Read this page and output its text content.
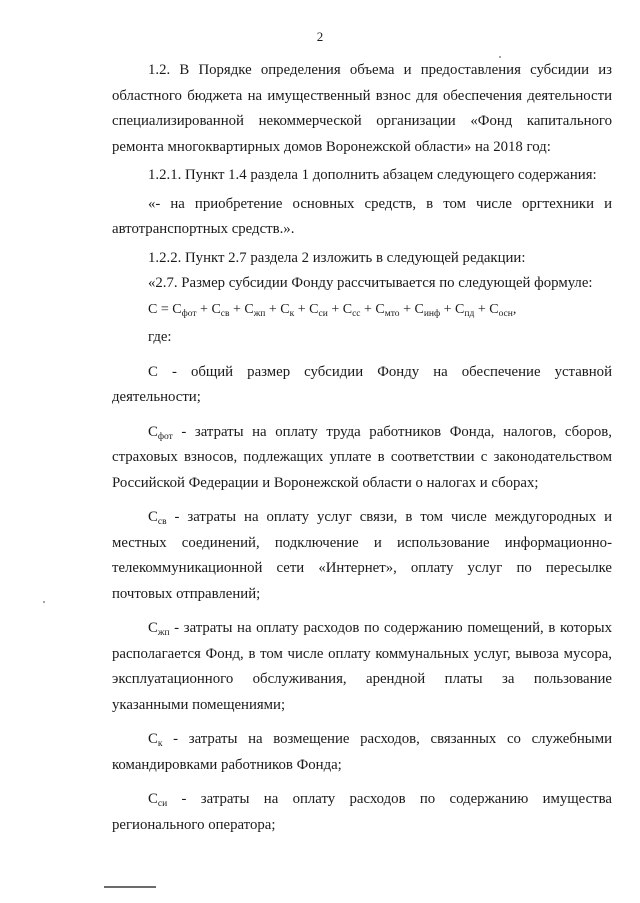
2

1.2. В Порядке определения объема и предоставления субсидии из областного бюджета на имущественный взнос для обеспечения деятельности специализированной некоммерческой организации «Фонд капитального ремонта многоквартирных домов Воронежской области» на 2018 год:

1.2.1. Пункт 1.4 раздела 1 дополнить абзацем следующего содержания:

«- на приобретение основных средств, в том числе оргтехники и автотранспортных средств.».

1.2.2. Пункт 2.7 раздела 2 изложить в следующей редакции:

«2.7. Размер субсидии Фонду рассчитывается по следующей формуле:

$С = С_{фот} + С_{св} + С_{жп} + С_к + С_{си} + С_{сс} + С_{мто} + С_{инф} + С_{пд} + С_{осн}$,

где:

С - общий размер субсидии Фонду на обеспечение уставной деятельности;

$С_{фот}$ - затраты на оплату труда работников Фонда, налогов, сборов, страховых взносов, подлежащих уплате в соответствии с законодательством Российской Федерации и Воронежской области о налогах и сборах;

$С_{св}$ - затраты на оплату услуг связи, в том числе междугородных и местных соединений, подключение и использование информационно-телекоммуникационной сети «Интернет», оплату услуг по пересылке почтовых отправлений;

$С_{жп}$ - затраты на оплату расходов по содержанию помещений, в которых располагается Фонд, в том числе оплату коммунальных услуг, вывоза мусора, эксплуатационного обслуживания, арендной платы за пользование указанными помещениями;

$С_к$ - затраты на возмещение расходов, связанных со служебными командировками работников Фонда;

$С_{си}$ - затраты на оплату расходов по содержанию имущества регионального оператора;
